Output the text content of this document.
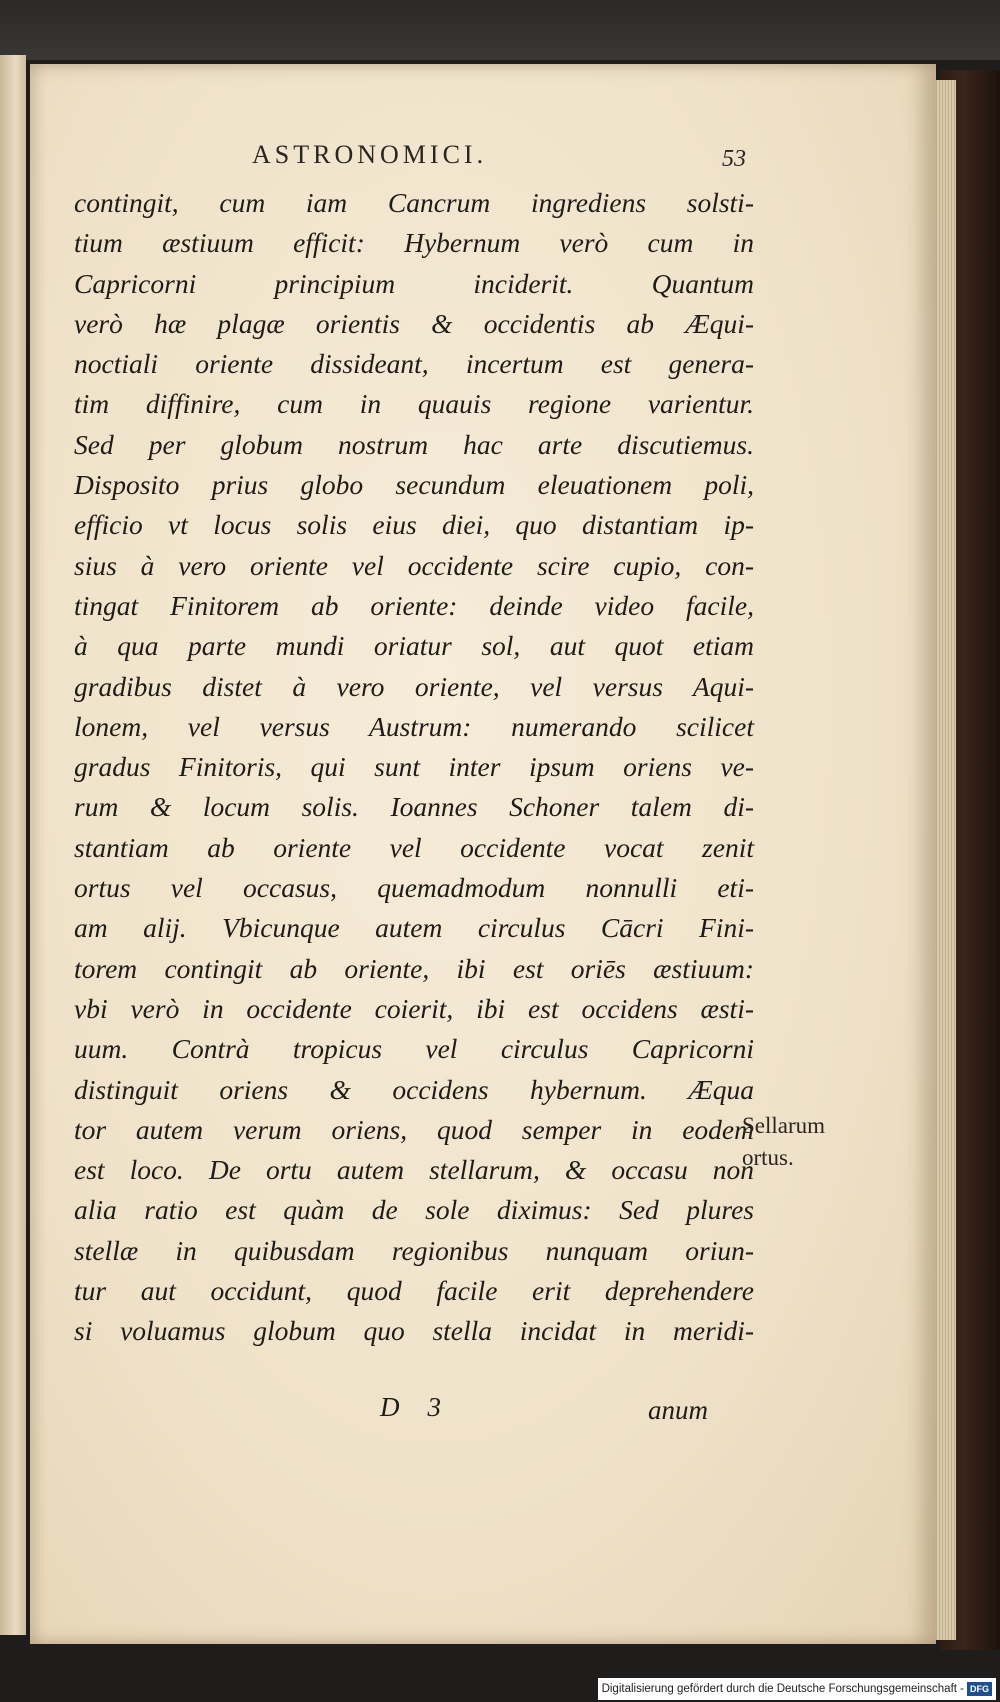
ASTRONOMICI.	53
contingit, cum iam Cancrum ingrediens solsti-
tium æstiuum efficit: Hybernum verò cum in
Capricorni principium inciderit. Quantum
verò hæ plagæ orientis & occidentis ab Æqui-
noctiali oriente dissideant, incertum est genera-
tim diffinire, cum in quauis regione varientur.
Sed per globum nostrum hac arte discutiemus.
Disposito prius globo secundum eleuationem poli,
efficio vt locus solis eius diei, quo distantiam ip-
sius à vero oriente vel occidente scire cupio, con-
tingat Finitorem ab oriente: deinde video facile,
à qua parte mundi oriatur sol, aut quot etiam
gradibus distet à vero oriente, vel versus Aqui-
lonem, vel versus Austrum: numerando scilicet
gradus Finitoris, qui sunt inter ipsum oriens ve-
rum & locum solis. Ioannes Schoner talem di-
stantiam ab oriente vel occidente vocat zenit
ortus vel occasus, quemadmodum nonnulli eti-
am alij. Vbicunque autem circulus Cācri Fini-
torem contingit ab oriente, ibi est oriēs æstiuum:
vbi verò in occidente coierit, ibi est occidens æsti-
uum. Contrà tropicus vel circulus Capricorni
distinguit oriens & occidens hybernum. Æqua
tor autem verum oriens, quod semper in eodem
est loco. De ortu autem stellarum, & occasu non
alia ratio est quàm de sole diximus: Sed plures
stellæ in quibusdam regionibus nunquam oriun-
tur aut occidunt, quod facile erit deprehendere
si voluamus globum quo stella incidat in meridi-
Sellarum
ortus.
D 3	anum
Digitalisierung gefördert durch die Deutsche Forschungsgemeinschaft - DFG
